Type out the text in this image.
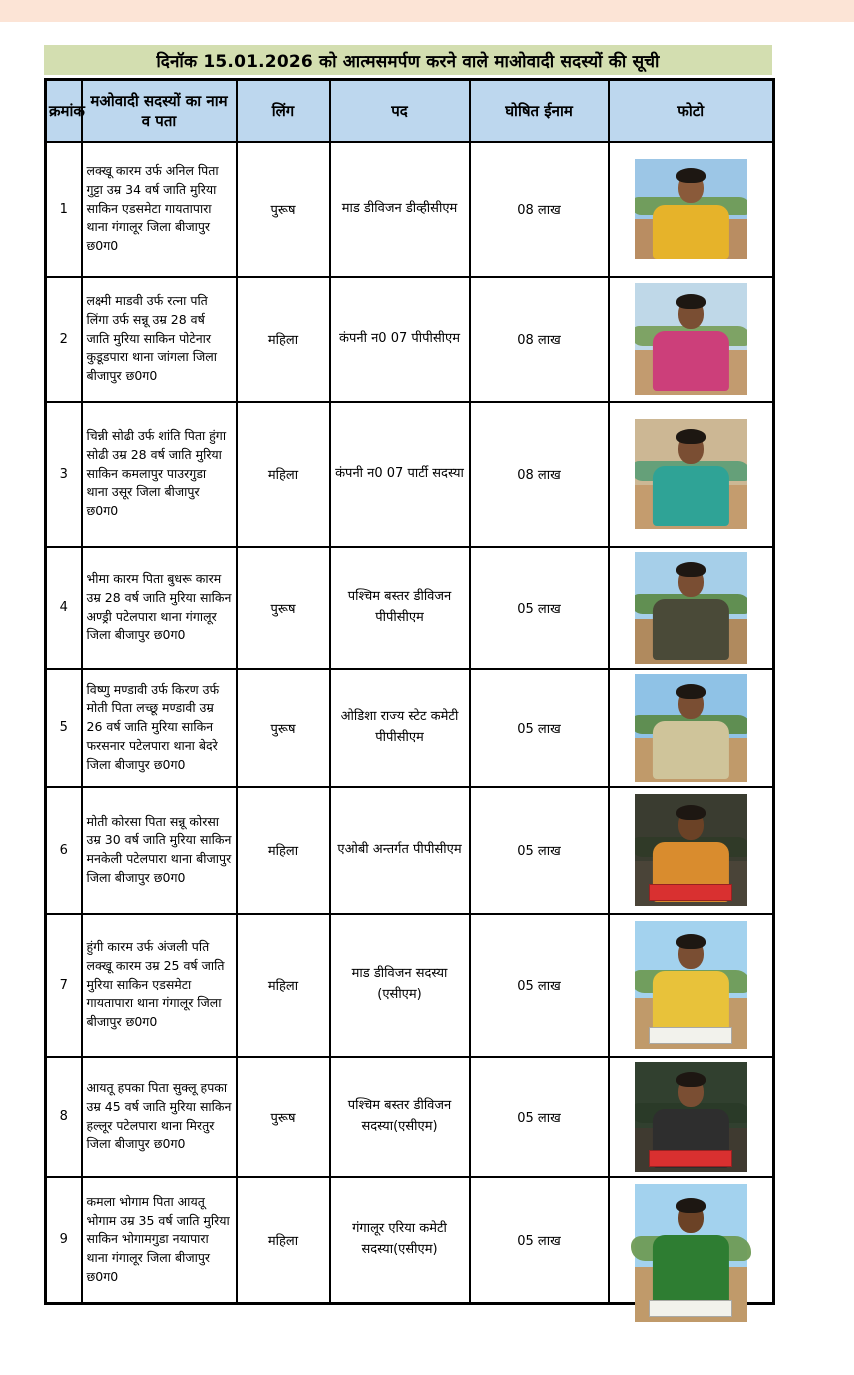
दिनॉक 15.01.2026 को आत्मसमर्पण करने वाले माओवादी सदस्यों की सूची
क्रमांक	मओवादी सदस्यों का नाम व पता	लिंग	पद	घोषित ईनाम	फोटो
1	लक्खू कारम उर्फ अनिल पिता गुट्टा उम्र 34 वर्ष जाति मुरिया साकिन एडसमेटा गायतापारा थाना गंगालूर जिला बीजापुर छ0ग0	पुरूष	माड डीविजन डीव्हीसीएम	08 लाख	

2	लक्ष्मी माडवी उर्फ रत्ना पति लिंगा उर्फ सन्नू उम्र 28 वर्ष जाति मुरिया साकिन पोटेनार कुडूडपारा थाना जांगला जिला बीजापुर छ0ग0	महिला	कंपनी न0 07 पीपीसीएम	08 लाख	

3	चिन्नी सोढी उर्फ शांति पिता हुंगा सोढी उम्र 28 वर्ष जाति मुरिया साकिन कमलापुर पाउरगुडा थाना उसूर जिला बीजापुर छ0ग0	महिला	कंपनी न0 07 पार्टी सदस्या	08 लाख	

4	भीमा कारम पिता बुधरू कारम उम्र 28 वर्ष जाति मुरिया साकिन अण्ड्री पटेलपारा थाना गंगालूर जिला बीजापुर छ0ग0	पुरूष	पश्चिम बस्तर डीविजन पीपीसीएम	05 लाख	

5	विष्णु मण्डावी उर्फ किरण उर्फ मोती पिता लच्छू मण्डावी उम्र 26 वर्ष जाति मुरिया साकिन फरसनार पटेलपारा थाना बेदरे जिला बीजापुर छ0ग0	पुरूष	ओडिशा राज्य स्टेट कमेटी पीपीसीएम	05 लाख	

6	मोती कोरसा पिता सन्नू कोरसा उम्र 30 वर्ष जाति मुरिया साकिन मनकेली पटेलपारा थाना बीजापुर जिला बीजापुर छ0ग0	महिला	एओबी अन्तर्गत पीपीसीएम	05 लाख	

7	हुंगी कारम उर्फ अंजली पति लक्खू कारम उम्र 25 वर्ष जाति मुरिया साकिन एडसमेटा गायतापारा थाना गंगालूर जिला बीजापुर छ0ग0	महिला	माड डीविजन सदस्या (एसीएम)	05 लाख	

8	आयतू हपका पिता सुक्लू हपका उम्र 45 वर्ष जाति मुरिया साकिन हल्लूर पटेलपारा थाना मिरतुर जिला बीजापुर छ0ग0	पुरूष	पश्चिम बस्तर डीविजन सदस्या(एसीएम)	05 लाख	

9	कमला भोगाम पिता आयतू भोगाम उम्र 35 वर्ष जाति मुरिया साकिन भोगामगुडा नयापारा थाना गंगालूर जिला बीजापुर छ0ग0	महिला	गंगालूर एरिया कमेटी सदस्या(एसीएम)	05 लाख	
